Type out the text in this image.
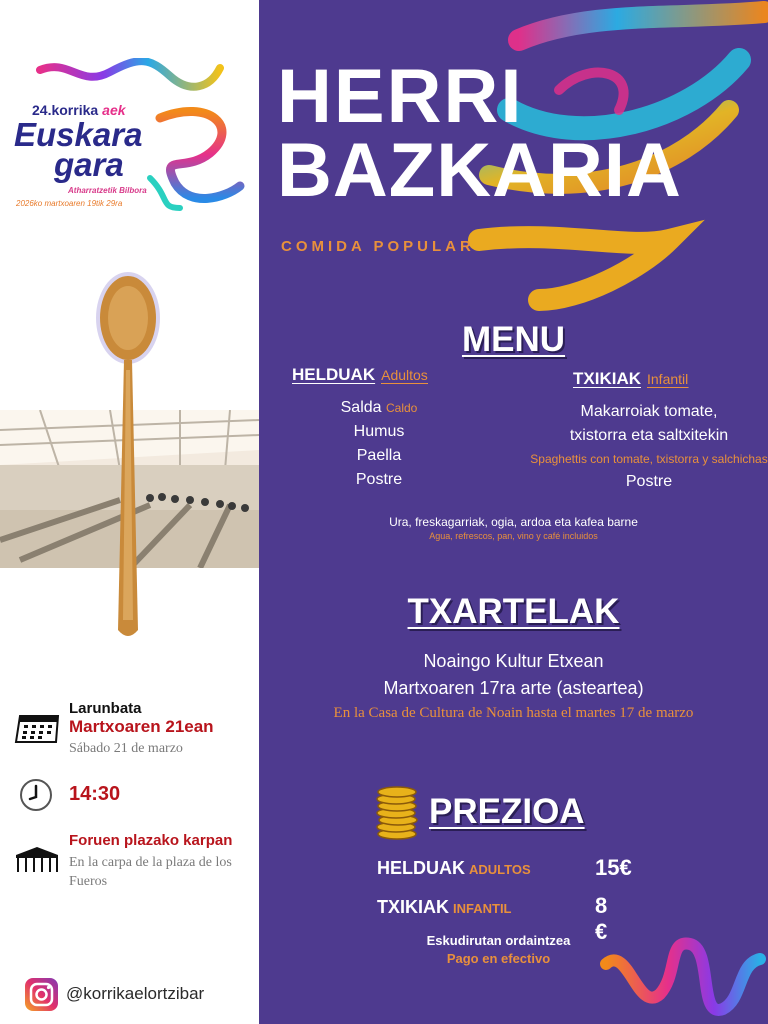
24.korrika aek
Euskara
gara
Atharratzetik Bilbora
2026ko martxoaren 19tik 29ra
Larunbata
Martxoaren 21ean
Sábado 21 de marzo
14:30
Foruen plazako karpan
En la carpa de la plaza de los Fueros
@korrikaelortzibar
HERRI
BAZKARIA
COMIDA POPULAR
MENU
HELDUAK Adultos	TXIKIAK Infantil
Salda Caldo
Humus
Paella
Postre
Makarroiak tomate,
txistorra eta saltxitekin
Spaghettis con tomate, txistorra y salchichas
Postre
Ura, freskagarriak, ogia, ardoa eta kafea barne
Agua, refrescos, pan, vino y café incluidos
TXARTELAK
Noaingo Kultur Etxean
Martxoaren 17ra arte (asteartea)
En la Casa de Cultura de Noain hasta el martes 17 de marzo
PREZIOA
HELDUAK ADULTOS	15€
TXIKIAK INFANTIL	8 €
Eskudirutan ordaintzea
Pago en efectivo
